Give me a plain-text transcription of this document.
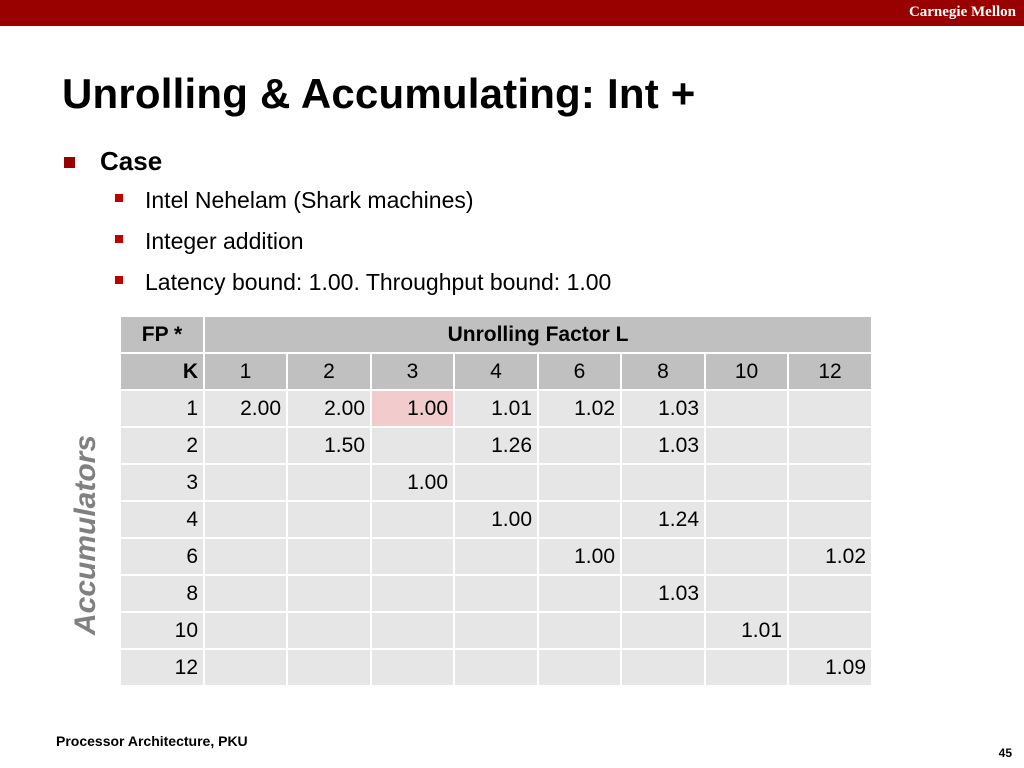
Carnegie Mellon
Unrolling & Accumulating: Int +
Case
Intel Nehelam (Shark machines)
Integer addition
Latency bound: 1.00. Throughput bound: 1.00
Accumulators
FP *	Unrolling Factor L							
K	1	2	3	4	6	8	10	12
1	2.00	2.00	1.00	1.01	1.02	1.03		
2		1.50		1.26		1.03		
3			1.00					
4				1.00		1.24		
6					1.00			1.02
8						1.03		
10							1.01	
12								1.09
Processor Architecture, PKU
45
